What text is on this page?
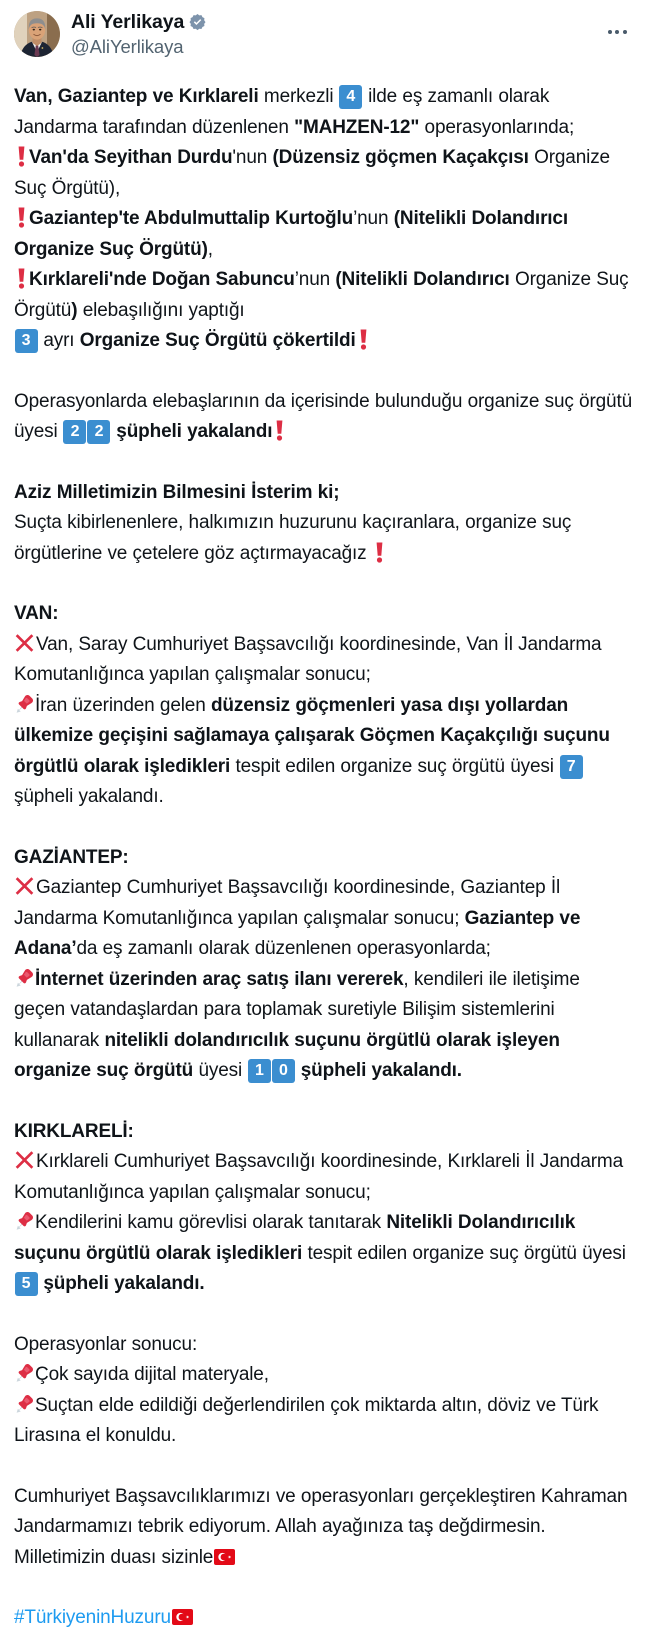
Ali Yerlikaya
@AliYerlikaya
Van, Gaziantep ve Kırklareli merkezli 4 ilde eş zamanlı olarak Jandarma tarafından düzenlenen "MAHZEN-12" operasyonlarında;

Van'da Seyithan Durdu'nun (Düzensiz göçmen Kaçakçısı Organize Suç Örgütü),

Gaziantep'te Abdulmuttalip Kurtoğlu’nun (Nitelikli Dolandırıcı Organize Suç Örgütü),

Kırklareli'nde Doğan Sabuncu’nun (Nitelikli Dolandırıcı Organize Suç Örgütü) elebaşılığını yaptığı
3 ayrı Organize Suç Örgütü çökertildi
Operasyonlarda elebaşlarının da içerisinde bulunduğu organize suç örgütü üyesi 2 2 şüpheli yakalandı
Aziz Milletimizin Bilmesini İsterim ki;
Suçta kibirlenenlere, halkımızın huzurunu kaçıranlara, organize suç örgütlerine ve çetelere göz açtırmayacağız
VAN:

Van, Saray Cumhuriyet Başsavcılığı koordinesinde, Van İl Jandarma Komutanlığınca yapılan çalışmalar sonucu;

İran üzerinden gelen düzensiz göçmenleri yasa dışı yollardan ülkemize geçişini sağlamaya çalışarak Göçmen Kaçakçılığı suçunu örgütlü olarak işledikleri tespit edilen organize suç örgütü üyesi 7 şüpheli yakalandı.
GAZİANTEP:

Gaziantep Cumhuriyet Başsavcılığı koordinesinde, Gaziantep İl Jandarma Komutanlığınca yapılan çalışmalar sonucu; Gaziantep ve Adana’da eş zamanlı olarak düzenlenen operasyonlarda;

İnternet üzerinden araç satış ilanı vererek, kendileri ile iletişime geçen vatandaşlardan para toplamak suretiyle Bilişim sistemlerini kullanarak nitelikli dolandırıcılık suçunu örgütlü olarak işleyen organize suç örgütü üyesi 1 0 şüpheli yakalandı.
KIRKLARELİ:

Kırklareli Cumhuriyet Başsavcılığı koordinesinde, Kırklareli İl Jandarma Komutanlığınca yapılan çalışmalar sonucu;

Kendilerini kamu görevlisi olarak tanıtarak Nitelikli Dolandırıcılık suçunu örgütlü olarak işledikleri tespit edilen organize suç örgütü üyesi 5 şüpheli yakalandı.
Operasyonlar sonucu:

Çok sayıda dijital materyale,

Suçtan elde edildiği değerlendirilen çok miktarda altın, döviz ve Türk Lirasına el konuldu.
Cumhuriyet Başsavcılıklarımızı ve operasyonları gerçekleştiren Kahraman Jandarmamızı tebrik ediyorum. Allah ayağınıza taş değdirmesin. Milletimizin duası sizinle
#TürkiyeninHuzuru
